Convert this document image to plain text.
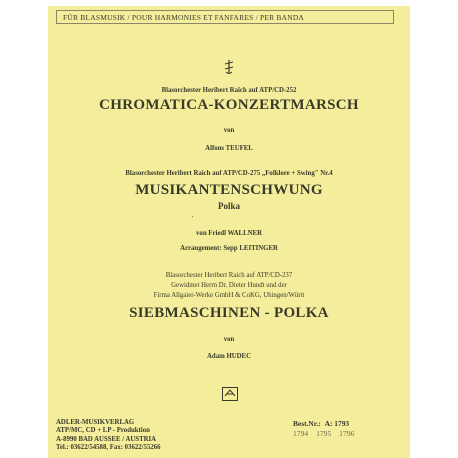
FÜR BLASMUSIK / POUR HARMONIES ET FANFARES / PER BANDA
Blasorchester Heribert Raich auf ATP/CD-252
CHROMATICA-KONZERTMARSCH
von
Alfons TEUFEL
Blasorchester Heribert Raich auf ATP/CD-275 „Folklore + Swing" Nr.4
MUSIKANTENSCHWUNG
Polka
´
von Friedl WALLNER
Arrangement: Sepp LEITINGER
Blasorchester Heribert Raich auf ATP/CD-237
Gewidmet Herrn Dr. Dieter Hundt und der
Firma Allgaier-Werke GmbH & CoKG, Uhingen/Württ
SIEBMASCHINEN - POLKA
von
Adam HUDEC
ADLER-MUSIKVERLAG
ATP/MC, CD + LP - Produktion
A-8990 BAD AUSSEE / AUSTRIA
Tel.: 03622/54588, Fax: 03622/55266
Best.Nr.: A: 1793
1794 1795 1796
